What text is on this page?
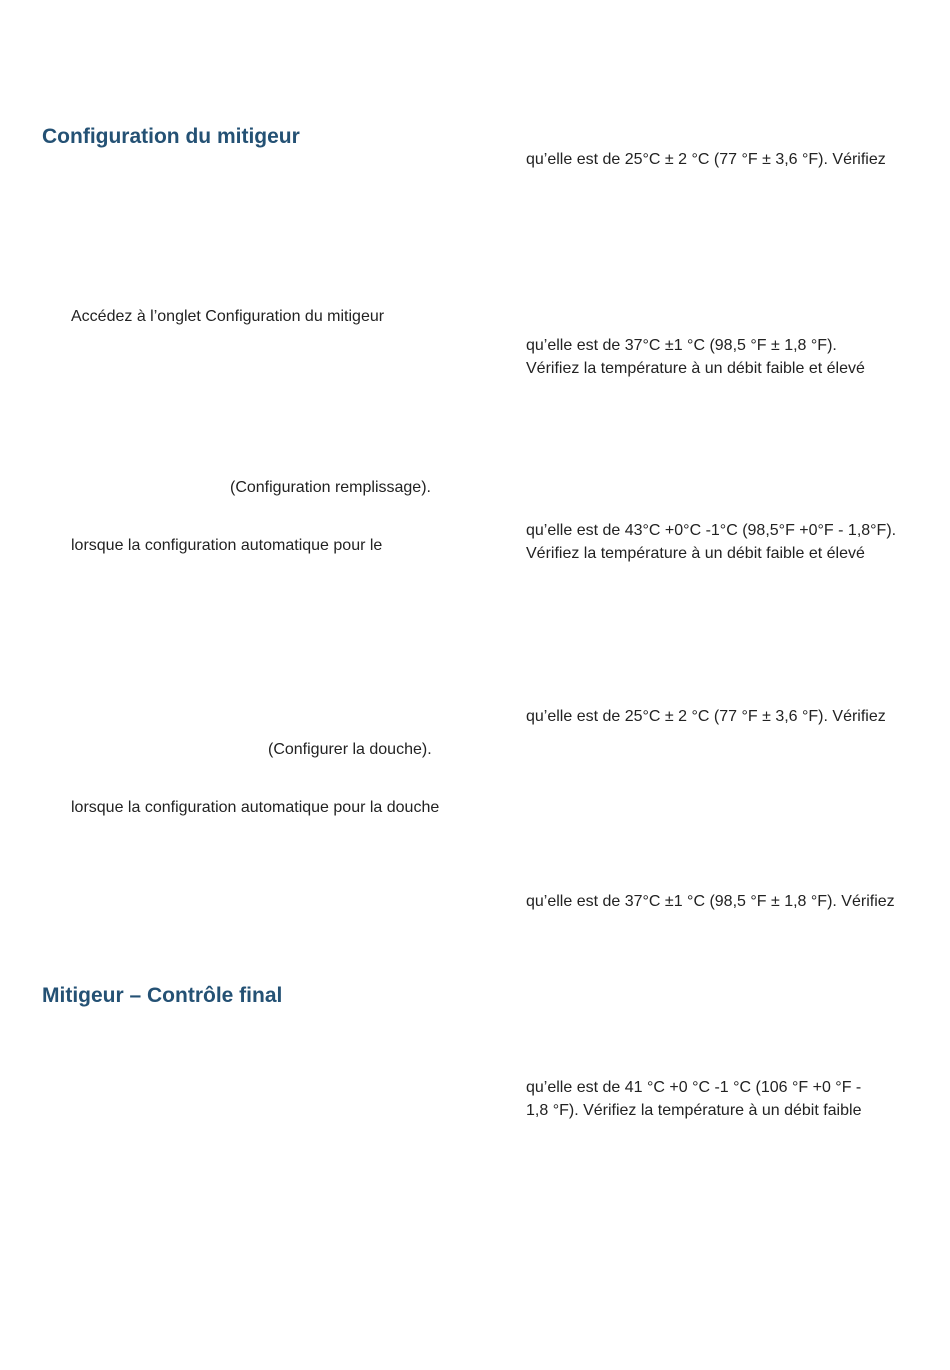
Configuration du mitigeur
Mitigeur – Contrôle final
Accédez à l’onglet Configuration du mitigeur
(Configuration remplissage).
lorsque la configuration automatique pour le
(Configurer la douche).
lorsque la configuration automatique pour la douche
qu’elle est de 25°C ± 2 °C (77 °F ± 3,6 °F). Vérifiez
qu’elle est de 37°C ±1 °C (98,5 °F ± 1,8 °F).
Vérifiez la température à un débit faible et élevé
qu’elle est de 43°C +0°C -1°C (98,5°F +0°F - 1,8°F).
Vérifiez la température à un débit faible et élevé
qu’elle est de 25°C ± 2 °C (77 °F ± 3,6 °F). Vérifiez
qu’elle est de 37°C ±1 °C (98,5 °F ± 1,8 °F). Vérifiez
qu’elle est de 41 °C +0 °C -1 °C (106 °F +0 °F -
1,8 °F). Vérifiez la température à un débit faible
